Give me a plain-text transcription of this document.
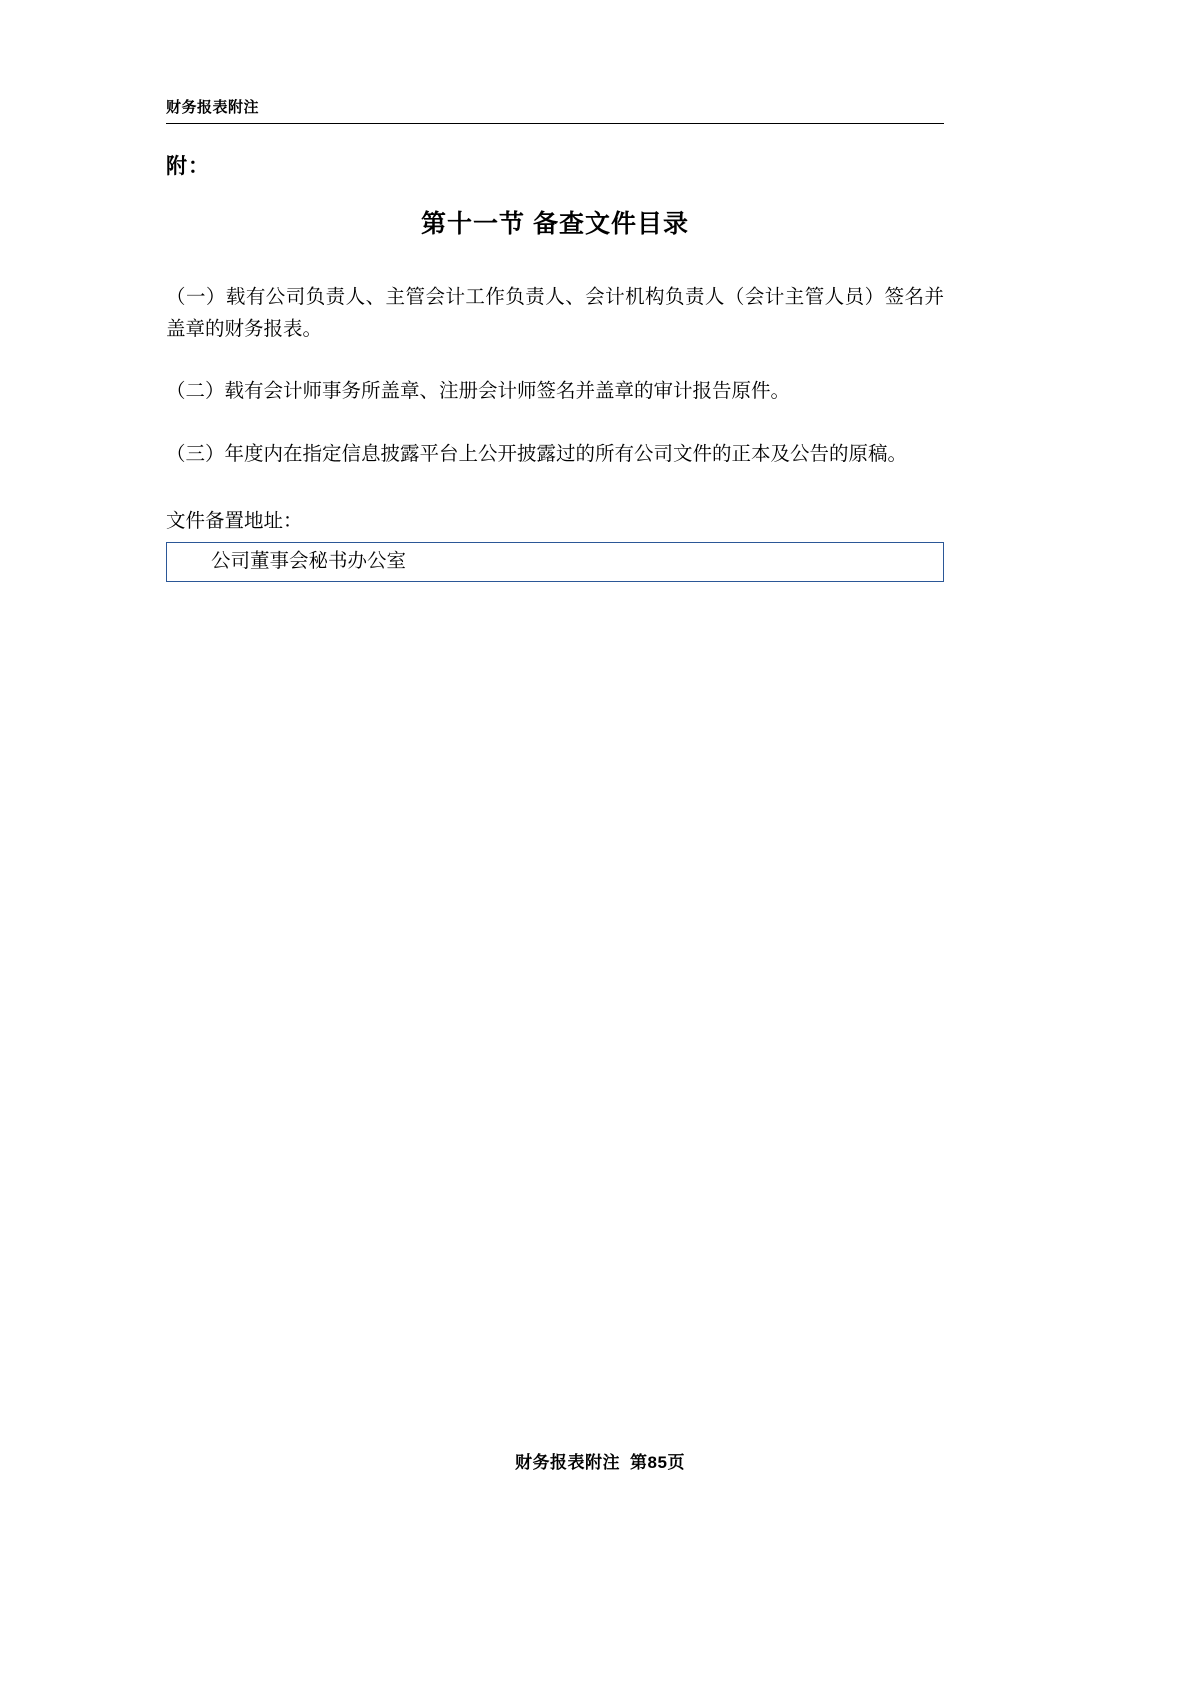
财务报表附注
附：
第十一节 备查文件目录
（一）载有公司负责人、主管会计工作负责人、会计机构负责人（会计主管人员）签名并盖章的财务报表。
（二）载有会计师事务所盖章、注册会计师签名并盖章的审计报告原件。
（三）年度内在指定信息披露平台上公开披露过的所有公司文件的正本及公告的原稿。
文件备置地址：
公司董事会秘书办公室
财务报表附注 第85页
